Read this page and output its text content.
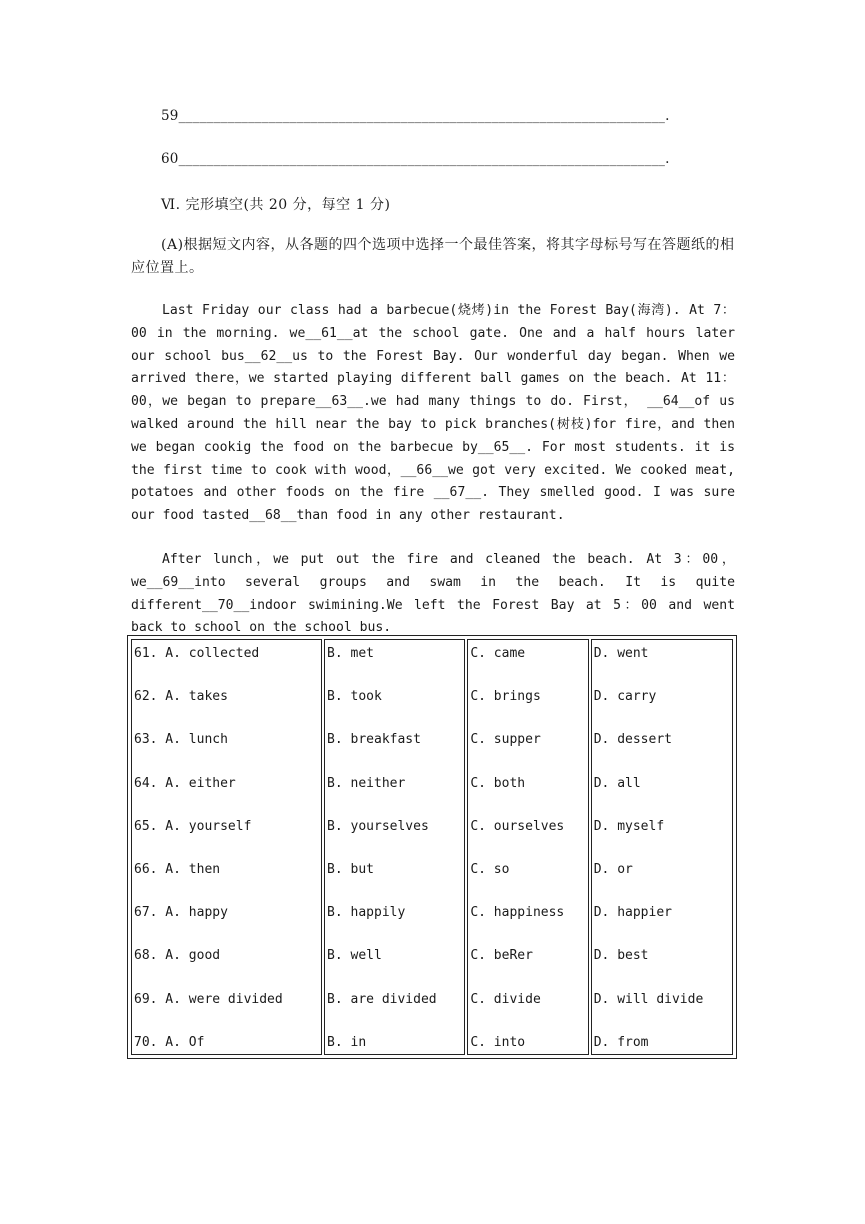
59______________________________________________________________________.
60______________________________________________________________________.
Ⅵ. 完形填空(共 20 分，每空 1 分)
(A)根据短文内容，从各题的四个选项中选择一个最佳答案，将其字母标号写在答题纸的相应位置上。
Last Friday our class had a barbecue(烧烤)in the Forest Bay(海湾). At 7：00 in the morning. we__61__at the school gate. One and a half hours later our school bus__62__us to the Forest Bay. Our wonderful day began. When we arrived there，we started playing different ball games on the beach. At 11：00，we began to prepare__63__.we had many things to do. First， __64__of us walked around the hill near the bay to pick branches(树枝)for fire，and then we began cookig the food on the barbecue by__65__. For most students. it is the first time to cook with wood，__66__we got very excited. We cooked meat, potatoes and other foods on the fire __67__. They smelled good. I was sure our food tasted__68__than food in any other restaurant.
After lunch，we put out the fire and cleaned the beach. At 3：00，we__69__into several groups and swam in the beach. It is quite different__70__indoor swimining.We left the Forest Bay at 5：00 and went back to school on the school bus.
61. A. collected
62. A. takes
63. A. lunch
64. A. either
65. A. yourself
66. A. then
67. A. happy
68. A. good
69. A. were divided
70. A. Of
B. met
B. took
B. breakfast
B. neither
B. yourselves
B. but
B. happily
B. well
B. are divided
B. in
C. came
C. brings
C. supper
C. both
C. ourselves
C. so
C. happiness
C. beRer
C. divide
C. into
D. went
D. carry
D. dessert
D. all
D. myself
D. or
D. happier
D. best
D. will divide
D. from
